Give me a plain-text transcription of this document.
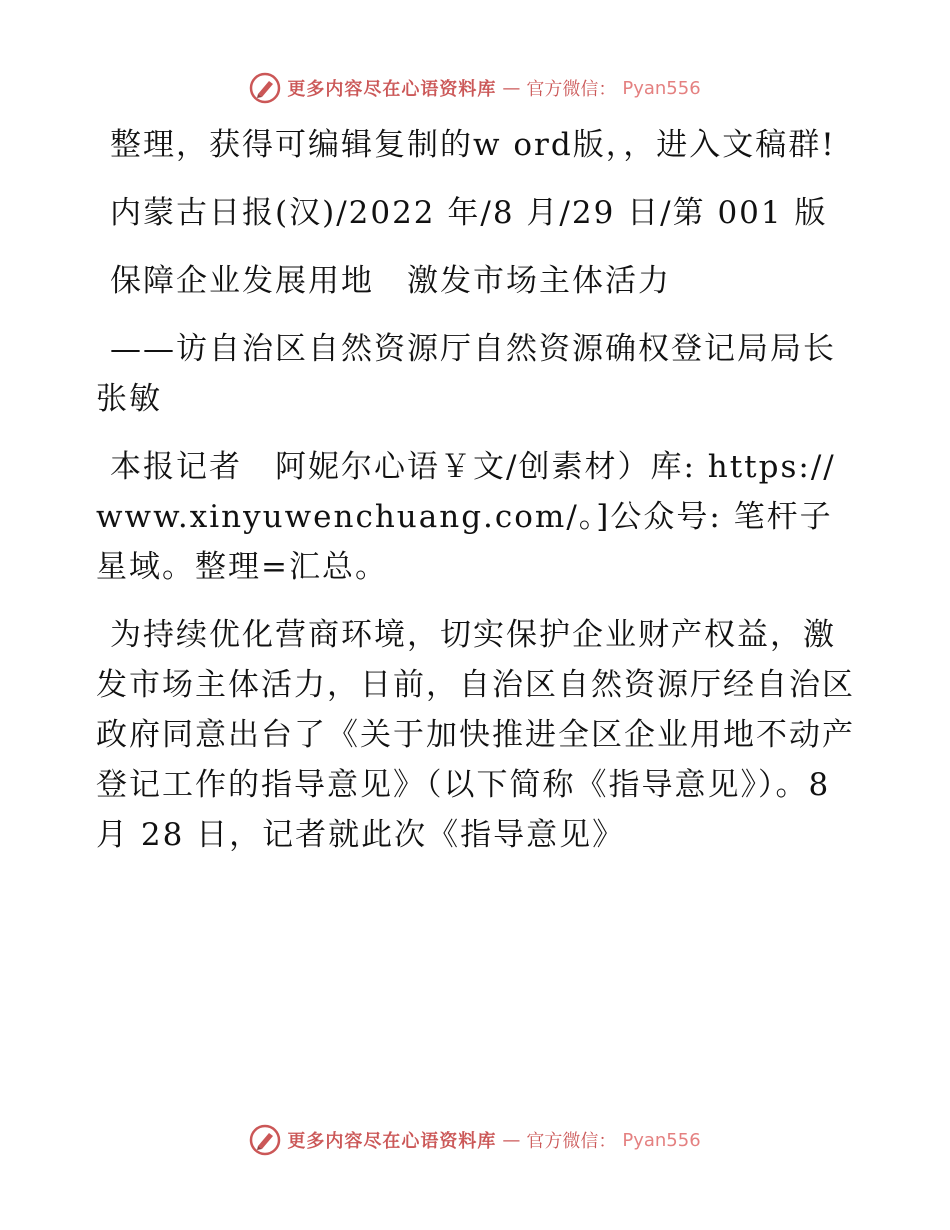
更多内容尽在心语资料库 — 官方微信： Pyan556

整理，获得可编辑复制的w ord版，，进入文稿群!

内蒙古日报(汉)/2022 年/8 月/29 日/第 001 版

保障企业发展用地　激发市场主体活力

——访自治区自然资源厅自然资源确权登记局局长张敏

本报记者　阿妮尔心语￥文/创素材）库: https://www.xinyuwenchuang.com/。]公众号: 笔杆子星域。整理=汇总。

为持续优化营商环境，切实保护企业财产权益，激发市场主体活力，日前，自治区自然资源厅经自治区政府同意出台了《关于加快推进全区企业用地不动产登记工作的指导意见》（以下简称《指导意见》）。8 月 28 日，记者就此次《指导意见》

更多内容尽在心语资料库 — 官方微信： Pyan556
